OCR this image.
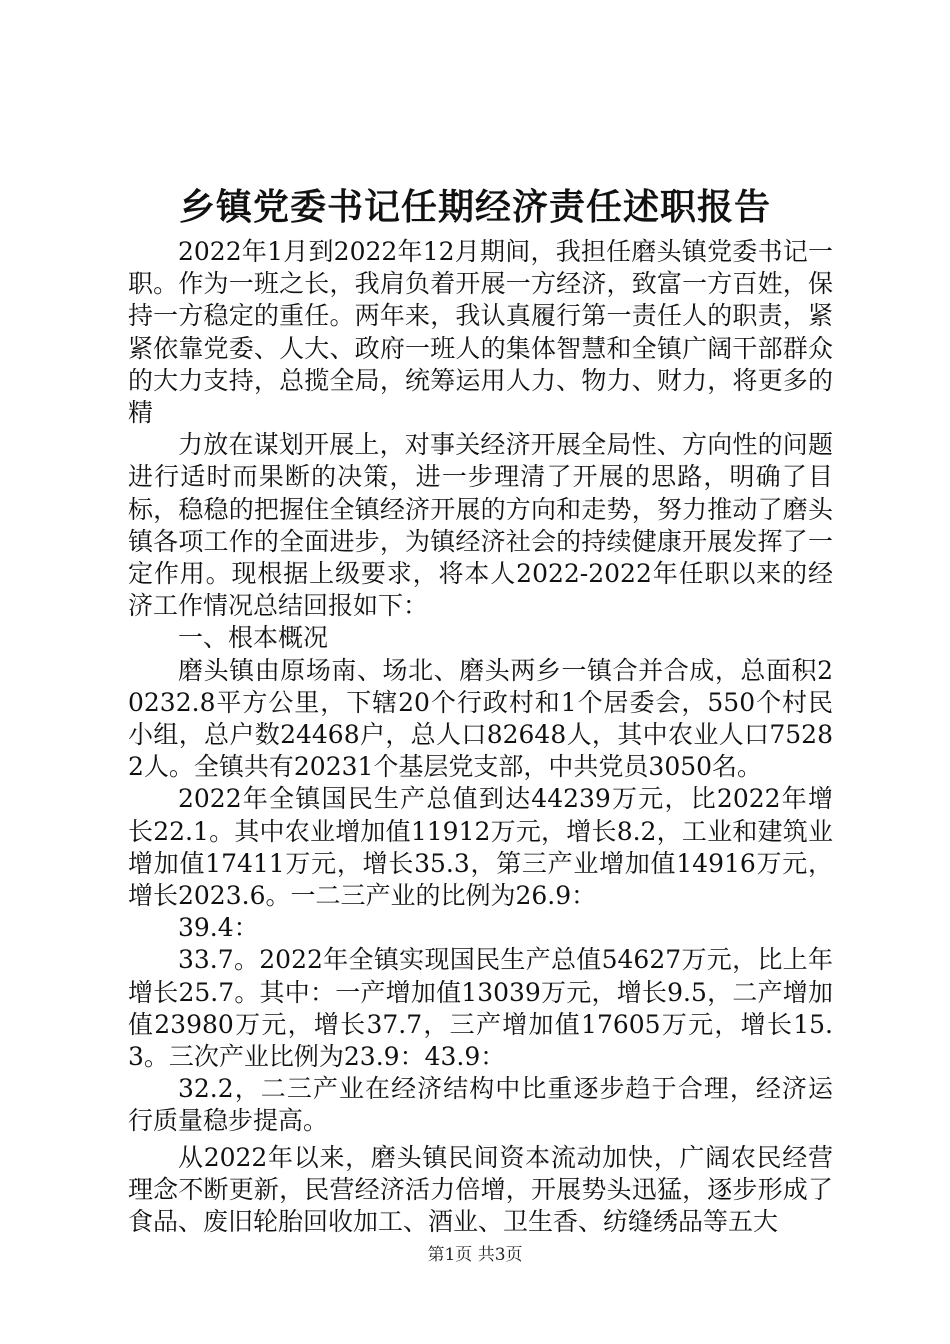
乡镇党委书记任期经济责任述职报告

2022年1月到2022年12月期间，我担任磨头镇党委书记一职。作为一班之长，我肩负着开展一方经济，致富一方百姓，保持一方稳定的重任。两年来，我认真履行第一责任人的职责，紧紧依靠党委、人大、政府一班人的集体智慧和全镇广阔干部群众的大力支持，总揽全局，统筹运用人力、物力、财力，将更多的精

力放在谋划开展上，对事关经济开展全局性、方向性的问题进行适时而果断的决策，进一步理清了开展的思路，明确了目标，稳稳的把握住全镇经济开展的方向和走势，努力推动了磨头镇各项工作的全面进步，为镇经济社会的持续健康开展发挥了一定作用。现根据上级要求，将本人2022-2022年任职以来的经济工作情况总结回报如下：

一、根本概况

磨头镇由原场南、场北、磨头两乡一镇合并合成，总面积20232.8平方公里，下辖20个行政村和1个居委会，550个村民小组，总户数24468户，总人口82648人，其中农业人口75282人。全镇共有20231个基层党支部，中共党员3050名。

2022年全镇国民生产总值到达44239万元，比2022年增长22.1。其中农业增加值11912万元，增长8.2，工业和建筑业增加值17411万元，增长35.3，第三产业增加值14916万元，增长2023.6。一二三产业的比例为26.9：

39.4：

33.7。2022年全镇实现国民生产总值54627万元，比上年增长25.7。其中：一产增加值13039万元，增长9.5，二产增加值23980万元，增长37.7，三产增加值17605万元，增长15.3。三次产业比例为23.9：43.9：

32.2，二三产业在经济结构中比重逐步趋于合理，经济运行质量稳步提高。

从2022年以来，磨头镇民间资本流动加快，广阔农民经营理念不断更新，民营经济活力倍增，开展势头迅猛，逐步形成了食品、废旧轮胎回收加工、酒业、卫生香、纺缝绣品等五大

第1页 共3页
